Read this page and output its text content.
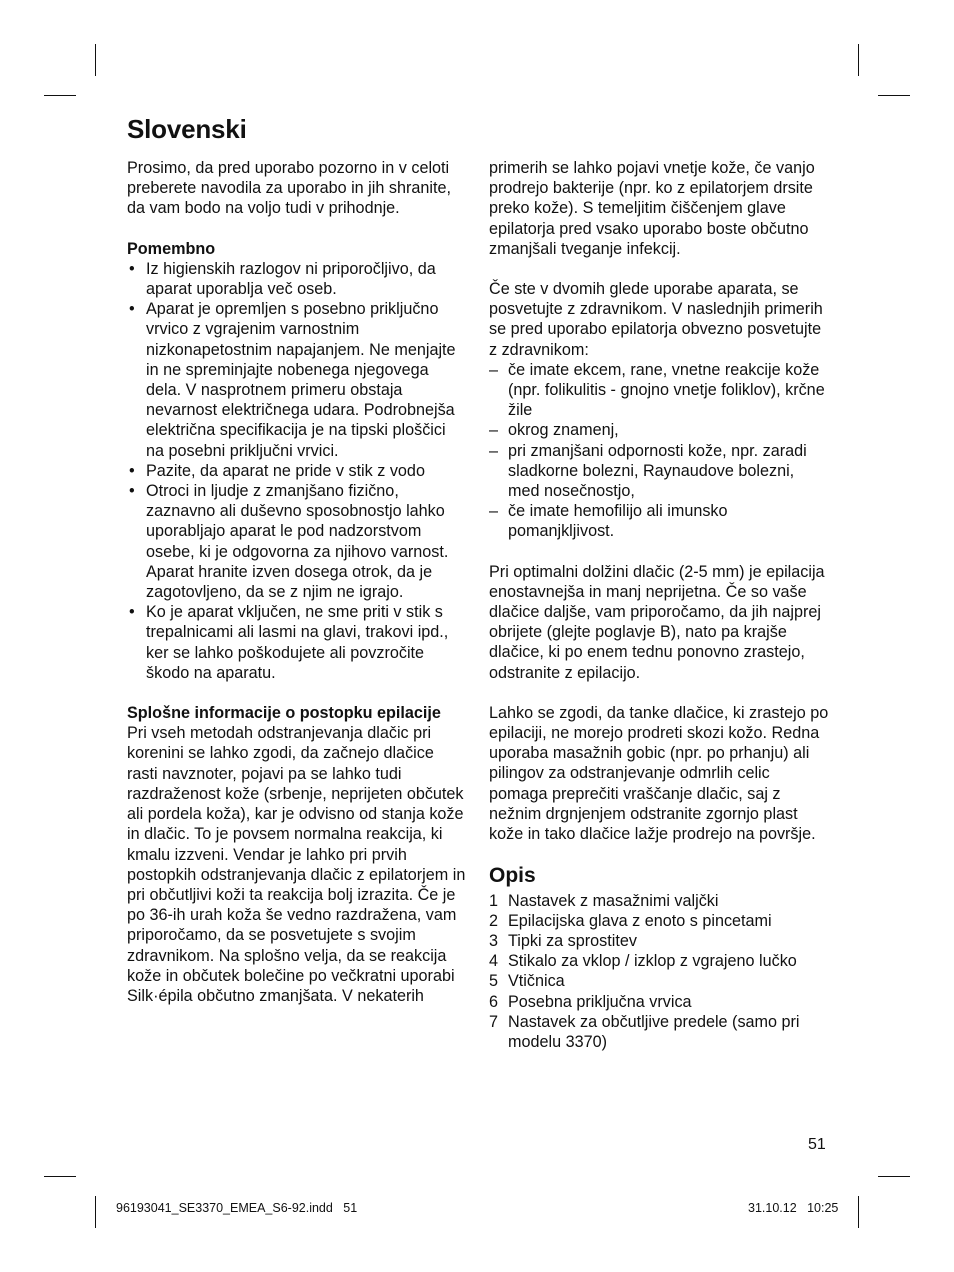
Slovenski

Prosimo, da pred uporabo pozorno in v celoti preberete navodila za uporabo in jih shranite, da vam bodo na voljo tudi v prihodnje.

Pomembno
• Iz higienskih razlogov ni priporočljivo, da aparat uporablja več oseb.
• Aparat je opremljen s posebno priključno vrvico z vgrajenim varnostnim nizkonapetostnim napajanjem. Ne menjajte in ne spreminjajte nobenega njegovega dela. V nasprotnem primeru obstaja nevarnost električnega udara. Podrobnejša električna specifikacija je na tipski ploščici na posebni priključni vrvici.
• Pazite, da aparat ne pride v stik z vodo
• Otroci in ljudje z zmanjšano fizično, zaznavno ali duševno sposobnostjo lahko uporabljajo aparat le pod nadzorstvom osebe, ki je odgovorna za njihovo varnost. Aparat hranite izven dosega otrok, da je zagotovljeno, da se z njim ne igrajo.
• Ko je aparat vključen, ne sme priti v stik s trepalnicami ali lasmi na glavi, trakovi ipd., ker se lahko poškodujete ali povzročite škodo na aparatu.
Splošne informacije o postopku epilacije

Pri vseh metodah odstranjevanja dlačic pri korenini se lahko zgodi, da začnejo dlačice rasti navznoter, pojavi pa se lahko tudi razdraženost kože (srbenje, neprijeten občutek ali pordela koža), kar je odvisno od stanja kože in dlačic. To je povsem normalna reakcija, ki kmalu izzveni. Vendar je lahko pri prvih postopkih odstranjevanja dlačic z epilatorjem in pri občutljivi koži ta reakcija bolj izrazita. Če je po 36-ih urah koža še vedno razdražena, vam priporočamo, da se posvetujete s svojim zdravnikom. Na splošno velja, da se reakcija kože in občutek bolečine po večkratni uporabi Silk·épila občutno zmanjšata. V nekaterih

primerih se lahko pojavi vnetje kože, če vanjo prodrejo bakterije (npr. ko z epilatorjem drsite preko kože). S temeljitim čiščenjem glave epilatorja pred vsako uporabo boste občutno zmanjšali tveganje infekcij.

Če ste v dvomih glede uporabe aparata, se posvetujte z zdravnikom. V naslednjih primerih se pred uporabo epilatorja obvezno posvetujte z zdravnikom:

– če imate ekcem, rane, vnetne reakcije kože (npr. folikulitis - gnojno vnetje foliklov), krčne žile
– okrog znamenj,
– pri zmanjšani odpornosti kože, npr. zaradi sladkorne bolezni, Raynaudove bolezni, med nosečnostjo,
– če imate hemofilijo ali imunsko pomanjkljivost.

Pri optimalni dolžini dlačic (2-5 mm) je epilacija enostavnejša in manj neprijetna. Če so vaše dlačice daljše, vam priporočamo, da jih najprej obrijete (glejte poglavje B), nato pa krajše dlačice, ki po enem tednu ponovno zrastejo, odstranite z epilacijo.

Lahko se zgodi, da tanke dlačice, ki zrastejo po epilaciji, ne morejo prodreti skozi kožo. Redna uporaba masažnih gobic (npr. po prhanju) ali pilingov za odstranjevanje odmrlih celic pomaga preprečiti vraščanje dlačic, saj z nežnim drgnjenjem odstranite zgornjo plast kože in tako dlačice lažje prodrejo na površje.

Opis
1 Nastavek z masažnimi valjčki
2 Epilacijska glava z enoto s pincetami
3 Tipki za sprostitev
4 Stikalo za vklop / izklop z vgrajeno lučko
5 Vtičnica
6 Posebna priključna vrvica
7 Nastavek za občutljive predele (samo pri modelu 3370)
51
96193041_SE3370_EMEA_S6-92.indd   51	31.10.12   10:25
